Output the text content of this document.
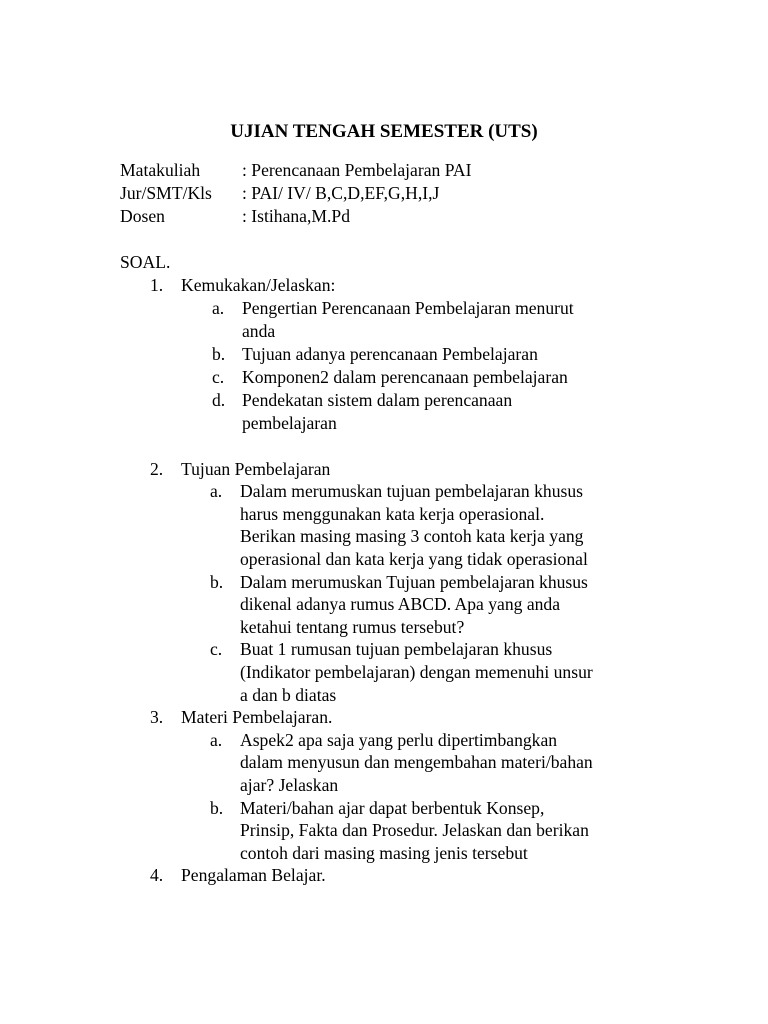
UJIAN TENGAH SEMESTER (UTS)
Matakuliah : Perencanaan Pembelajaran PAI
Jur/SMT/Kls : PAI/ IV/ B,C,D,EF,G,H,I,J
Dosen	: Istihana,M.Pd
SOAL.
1. Kemukakan/Jelaskan:
a. Pengertian Perencanaan Pembelajaran menurut
anda
b. Tujuan adanya perencanaan Pembelajaran
c. Komponen2 dalam perencanaan pembelajaran
d. Pendekatan sistem dalam perencanaan
pembelajaran
2. Tujuan Pembelajaran
a. Dalam merumuskan tujuan pembelajaran khusus
harus menggunakan kata kerja operasional.
Berikan masing masing 3 contoh kata kerja yang
operasional dan kata kerja yang tidak operasional
b. Dalam merumuskan Tujuan pembelajaran khusus
dikenal adanya rumus ABCD. Apa yang anda
ketahui tentang rumus tersebut?
c. Buat 1 rumusan tujuan pembelajaran khusus
(Indikator pembelajaran) dengan memenuhi unsur
a dan b diatas
3. Materi Pembelajaran.
a. Aspek2 apa saja yang perlu dipertimbangkan
dalam menyusun dan mengembahan materi/bahan
ajar? Jelaskan
b. Materi/bahan ajar dapat berbentuk Konsep,
Prinsip, Fakta dan Prosedur. Jelaskan dan berikan
contoh dari masing masing jenis tersebut
4. Pengalaman Belajar.
